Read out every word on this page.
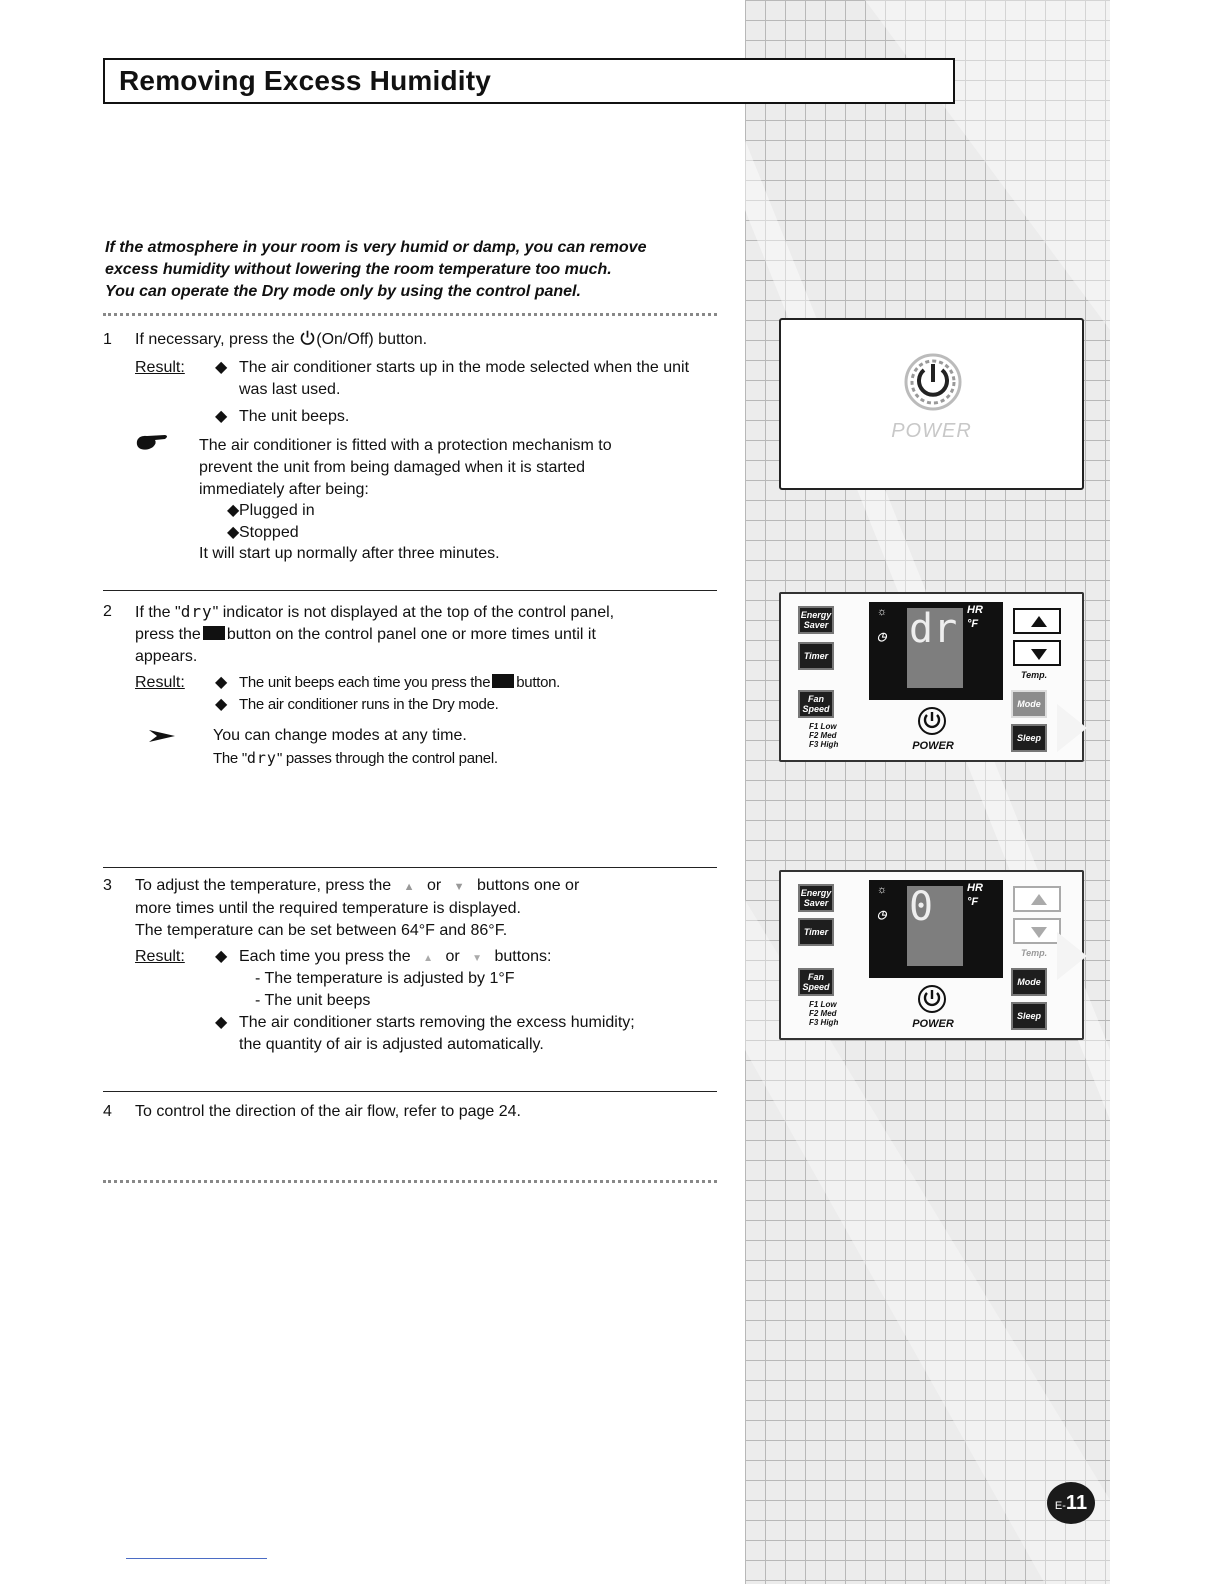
Removing Excess Humidity
If the atmosphere in your room is very humid or damp, you can remove
excess humidity without lowering the room temperature too much.
You can operate the Dry mode only by using the control panel.
1 If necessary, press the (On/Off) button.
Result: ◆ The air conditioner starts up in the mode selected when the unit was last used.
◆ The unit beeps.
The air conditioner is fitted with a protection mechanism to
prevent the unit from being damaged when it is started
immediately after being:
◆ Plugged in
◆ Stopped
It will start up normally after three minutes.
2 If the "dry" indicator is not displayed at the top of the control panel,
press the button on the control panel one or more times until it
appears.
Result: ◆ The unit beeps each time you press the button.
◆ The air conditioner runs in the Dry mode.
You can change modes at any time.
The "dry" passes through the control panel.
3 To adjust the temperature, press the ▲ or ▼ buttons one or
more times until the required temperature is displayed.
The temperature can be set between 64°F and 86°F.
Result: ◆ Each time you press the ▲ or ▼ buttons:
- The temperature is adjusted by 1°F
- The unit beeps
◆ The air conditioner starts removing the excess humidity;
the quantity of air is adjusted automatically.
4 To control the direction of the air flow, refer to page 24.
POWER
Energy Saver
Timer
Fan Speed
F1 Low
F2 Med
F3 High
☼
◷ dr HR
°F
Temp.
POWER
Mode
Sleep
Energy Saver
Timer
Fan Speed
F1 Low
F2 Med
F3 High
☼
◷ 0	HR
°F
Temp.
POWER
Mode
Sleep
E-11
